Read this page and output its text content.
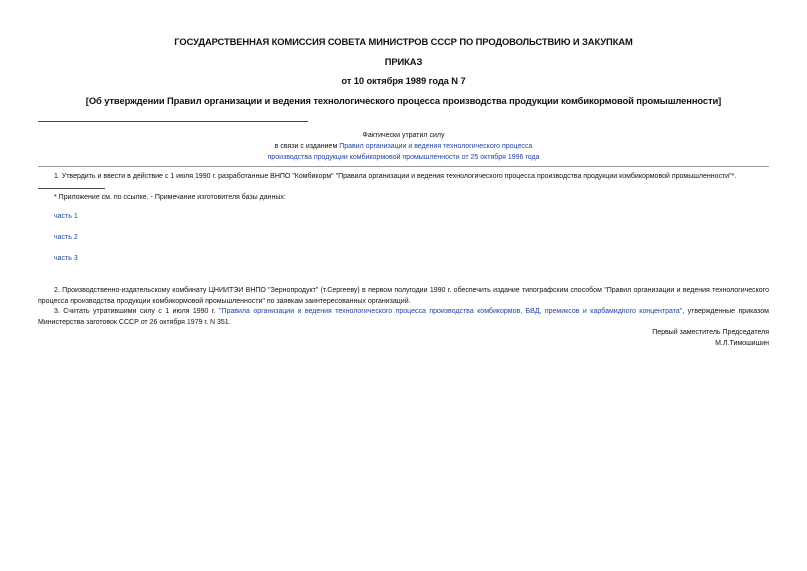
ГОСУДАРСТВЕННАЯ КОМИССИЯ СОВЕТА МИНИСТРОВ СССР ПО ПРОДОВОЛЬСТВИЮ И ЗАКУПКАМ
ПРИКАЗ
от 10 октября 1989 года N 7
[Об утверждении Правил организации и ведения технологического процесса производства продукции комбикормовой промышленности]
Фактически утратил силу
в связи с изданием Правил организации и ведения технологического процесса
производства продукции комбикормовой промышленности от 25 октября 1996 года
1. Утвердить и ввести в действие с 1 июля 1990 г. разработанные ВНПО "Комбикорм" "Правила организации и ведения технологического процесса производства продукции комбикормовой промышленности"*.
* Приложение см. по ссылке. - Примечание изготовителя базы данных:
часть 1
часть 2
часть 3
2. Производственно-издательскому комбинату ЦНИИТЭИ ВНПО "Зернопродукт" (т.Сергееву) в первом полугодии 1990 г. обеспечить издание типографским способом "Правил организации и ведения технологического процесса производства продукции комбикормовой промышленности" по заявкам заинтересованных организаций.
3. Считать утратившими силу с 1 июля 1990 г. "Правила организации и ведения технологического процесса производства комбикормов, БВД, премиксов и карбамидного концентрата", утвержденные приказом Министерства заготовок СССР от 26 октября 1979 г. N 351.
Первый заместитель Председателя
М.Л.Тимошишин
